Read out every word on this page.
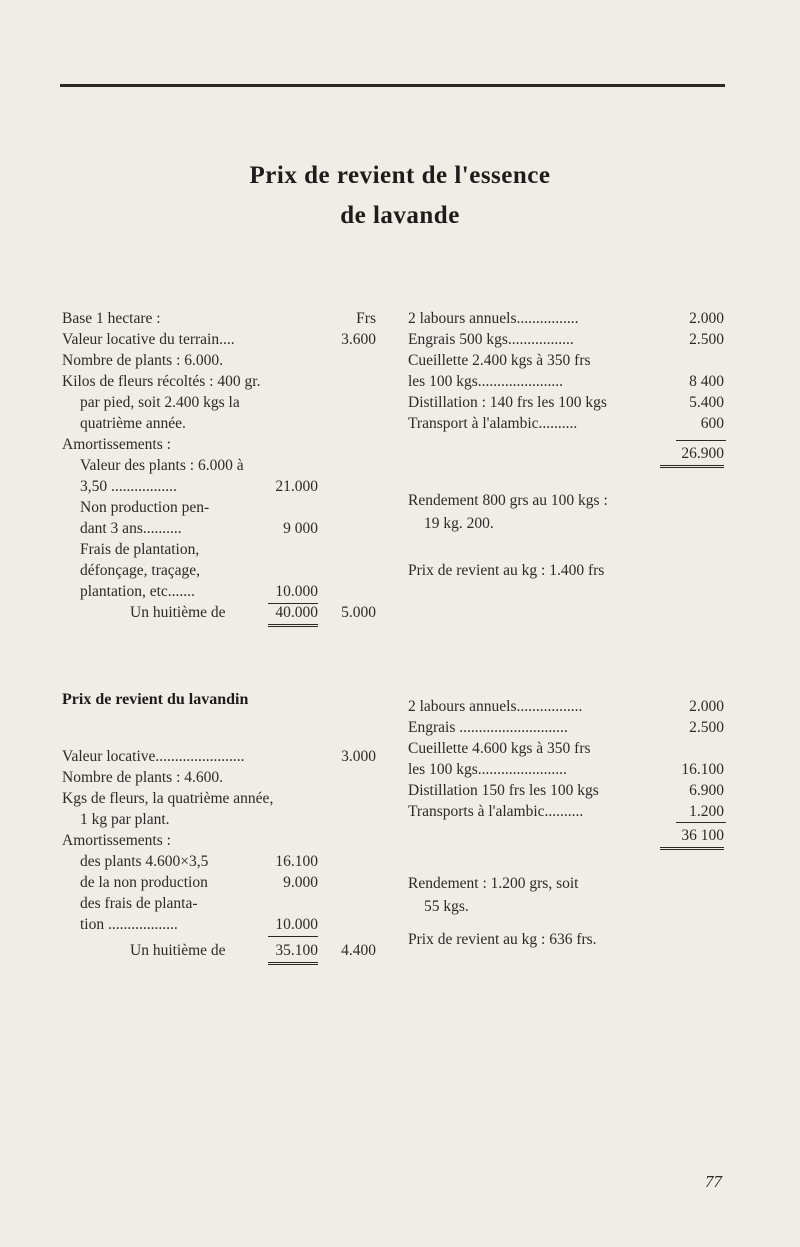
Prix de revient de l'essence
de lavande
Base 1 hectare :	Frs
Valeur locative du terrain....	3.600
Nombre de plants : 6.000.
Kilos de fleurs récoltés : 400 gr.
par pied, soit 2.400 kgs la
quatrième année.
Amortissements :
Valeur des plants : 6.000 à
3,50 .................	21.000
Non production pen-
dant 3 ans..........	9 000
Frais de plantation,
défonçage, traçage,
plantation, etc.......	10.000
Un huitième de	40.000	5.000
2 labours annuels................	2.000
Engrais 500 kgs.................	2.500
Cueillette 2.400 kgs à 350 frs
les 100 kgs......................	8 400
Distillation : 140 frs les 100 kgs	5.400
Transport à l'alambic..........	600
26.900
Rendement 800 grs au 100 kgs :
19 kg. 200.
Prix de revient au kg : 1.400 frs
Prix de revient du lavandin
Valeur locative.......................	3.000
Nombre de plants : 4.600.
Kgs de fleurs, la quatrième année,
1 kg par plant.
Amortissements :
des plants 4.600×3,5	16.100
de la non production	9.000
des frais de planta-
tion ..................	10.000
Un huitième de	35.100	4.400
2 labours annuels.................	2.000
Engrais ............................	2.500
Cueillette 4.600 kgs à 350 frs
les 100 kgs.......................	16.100
Distillation 150 frs les 100 kgs	6.900
Transports à l'alambic..........	1.200
36 100
Rendement : 1.200 grs, soit
55 kgs.
Prix de revient au kg : 636 frs.
77
